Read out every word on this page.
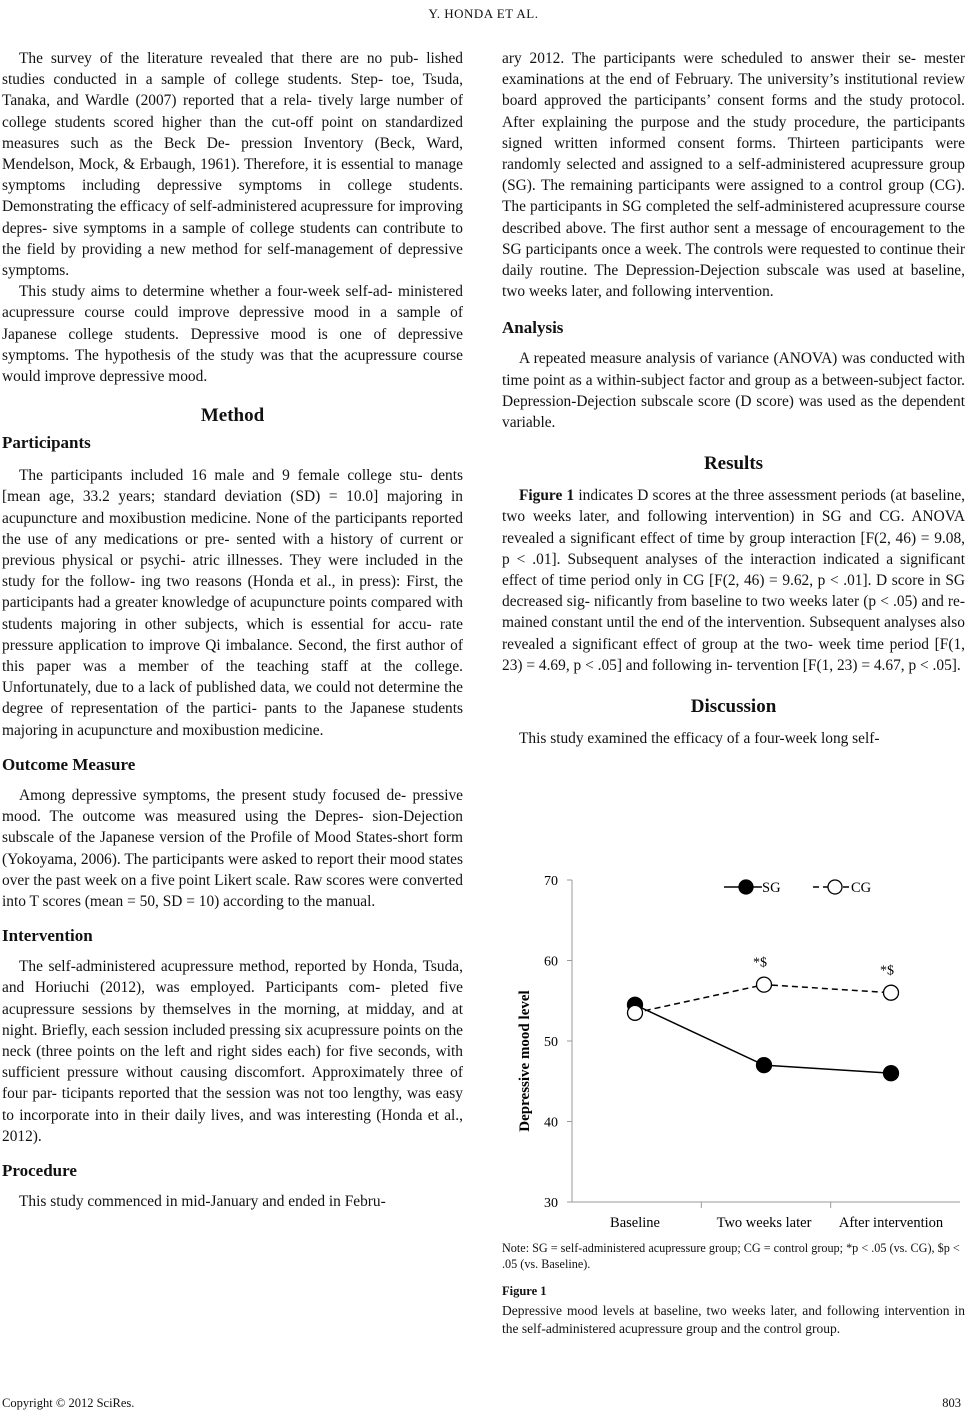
Y. HONDA ET AL.

The survey of the literature revealed that there are no pub- lished studies conducted in a sample of college students. Step- toe, Tsuda, Tanaka, and Wardle (2007) reported that a rela- tively large number of college students scored higher than the cut-off point on standardized measures such as the Beck De- pression Inventory (Beck, Ward, Mendelson, Mock, & Erbaugh, 1961). Therefore, it is essential to manage symptoms including depressive symptoms in college students. Demonstrating the efficacy of self-administered acupressure for improving depres- sive symptoms in a sample of college students can contribute to the field by providing a new method for self-management of depressive symptoms.

This study aims to determine whether a four-week self-ad- ministered acupressure course could improve depressive mood in a sample of Japanese college students. Depressive mood is one of depressive symptoms. The hypothesis of the study was that the acupressure course would improve depressive mood.

Method
Participants

The participants included 16 male and 9 female college stu- dents [mean age, 33.2 years; standard deviation (SD) = 10.0] majoring in acupuncture and moxibustion medicine. None of the participants reported the use of any medications or pre- sented with a history of current or previous physical or psychi- atric illnesses. They were included in the study for the follow- ing two reasons (Honda et al., in press): First, the participants had a greater knowledge of acupuncture points compared with students majoring in other subjects, which is essential for accu- rate pressure application to improve Qi imbalance. Second, the first author of this paper was a member of the teaching staff at the college. Unfortunately, due to a lack of published data, we could not determine the degree of representation of the partici- pants to the Japanese students majoring in acupuncture and moxibustion medicine.

Outcome Measure

Among depressive symptoms, the present study focused de- pressive mood. The outcome was measured using the Depres- sion-Dejection subscale of the Japanese version of the Profile of Mood States-short form (Yokoyama, 2006). The participants were asked to report their mood states over the past week on a five point Likert scale. Raw scores were converted into T scores (mean = 50, SD = 10) according to the manual.

Intervention

The self-administered acupressure method, reported by Honda, Tsuda, and Horiuchi (2012), was employed. Participants com- pleted five acupressure sessions by themselves in the morning, at midday, and at night. Briefly, each session included pressing six acupressure points on the neck (three points on the left and right sides each) for five seconds, with sufficient pressure without causing discomfort. Approximately three of four par- ticipants reported that the session was not too lengthy, was easy to incorporate into in their daily lives, and was interesting (Honda et al., 2012).

Procedure

This study commenced in mid-January and ended in Febru-

ary 2012. The participants were scheduled to answer their se- mester examinations at the end of February. The university’s institutional review board approved the participants’ consent forms and the study protocol. After explaining the purpose and the study procedure, the participants signed written informed consent forms. Thirteen participants were randomly selected and assigned to a self-administered acupressure group (SG). The remaining participants were assigned to a control group (CG). The participants in SG completed the self-administered acupressure course described above. The first author sent a message of encouragement to the SG participants once a week. The controls were requested to continue their daily routine. The Depression-Dejection subscale was used at baseline, two weeks later, and following intervention.

Analysis

A repeated measure analysis of variance (ANOVA) was conducted with time point as a within-subject factor and group as a between-subject factor. Depression-Dejection subscale score (D score) was used as the dependent variable.

Results

Figure 1 indicates D scores at the three assessment periods (at baseline, two weeks later, and following intervention) in SG and CG. ANOVA revealed a significant effect of time by group interaction [F(2, 46) = 9.08, p < .01]. Subsequent analyses of the interaction indicated a significant effect of time period only in CG [F(2, 46) = 9.62, p < .01]. D score in SG decreased sig- nificantly from baseline to two weeks later (p < .05) and re- mained constant until the end of the intervention. Subsequent analyses also revealed a significant effect of group at the two- week time period [F(1, 23) = 4.69, p < .05] and following in- tervention [F(1, 23) = 4.67, p < .05].

Discussion

This study examined the efficacy of a four-week long self-

30
40
50
60
70
Baseline	Two weeks later After intervention
Depressive mood level
*$
*$
SG	CG
Note: SG = self-administered acupressure group; CG = control group; *p < .05 (vs. CG), $p < .05 (vs. Baseline).
Figure 1
Depressive mood levels at baseline, two weeks later, and following intervention in the self-administered acupressure group and the control group.
Copyright © 2012 SciRes.	803
